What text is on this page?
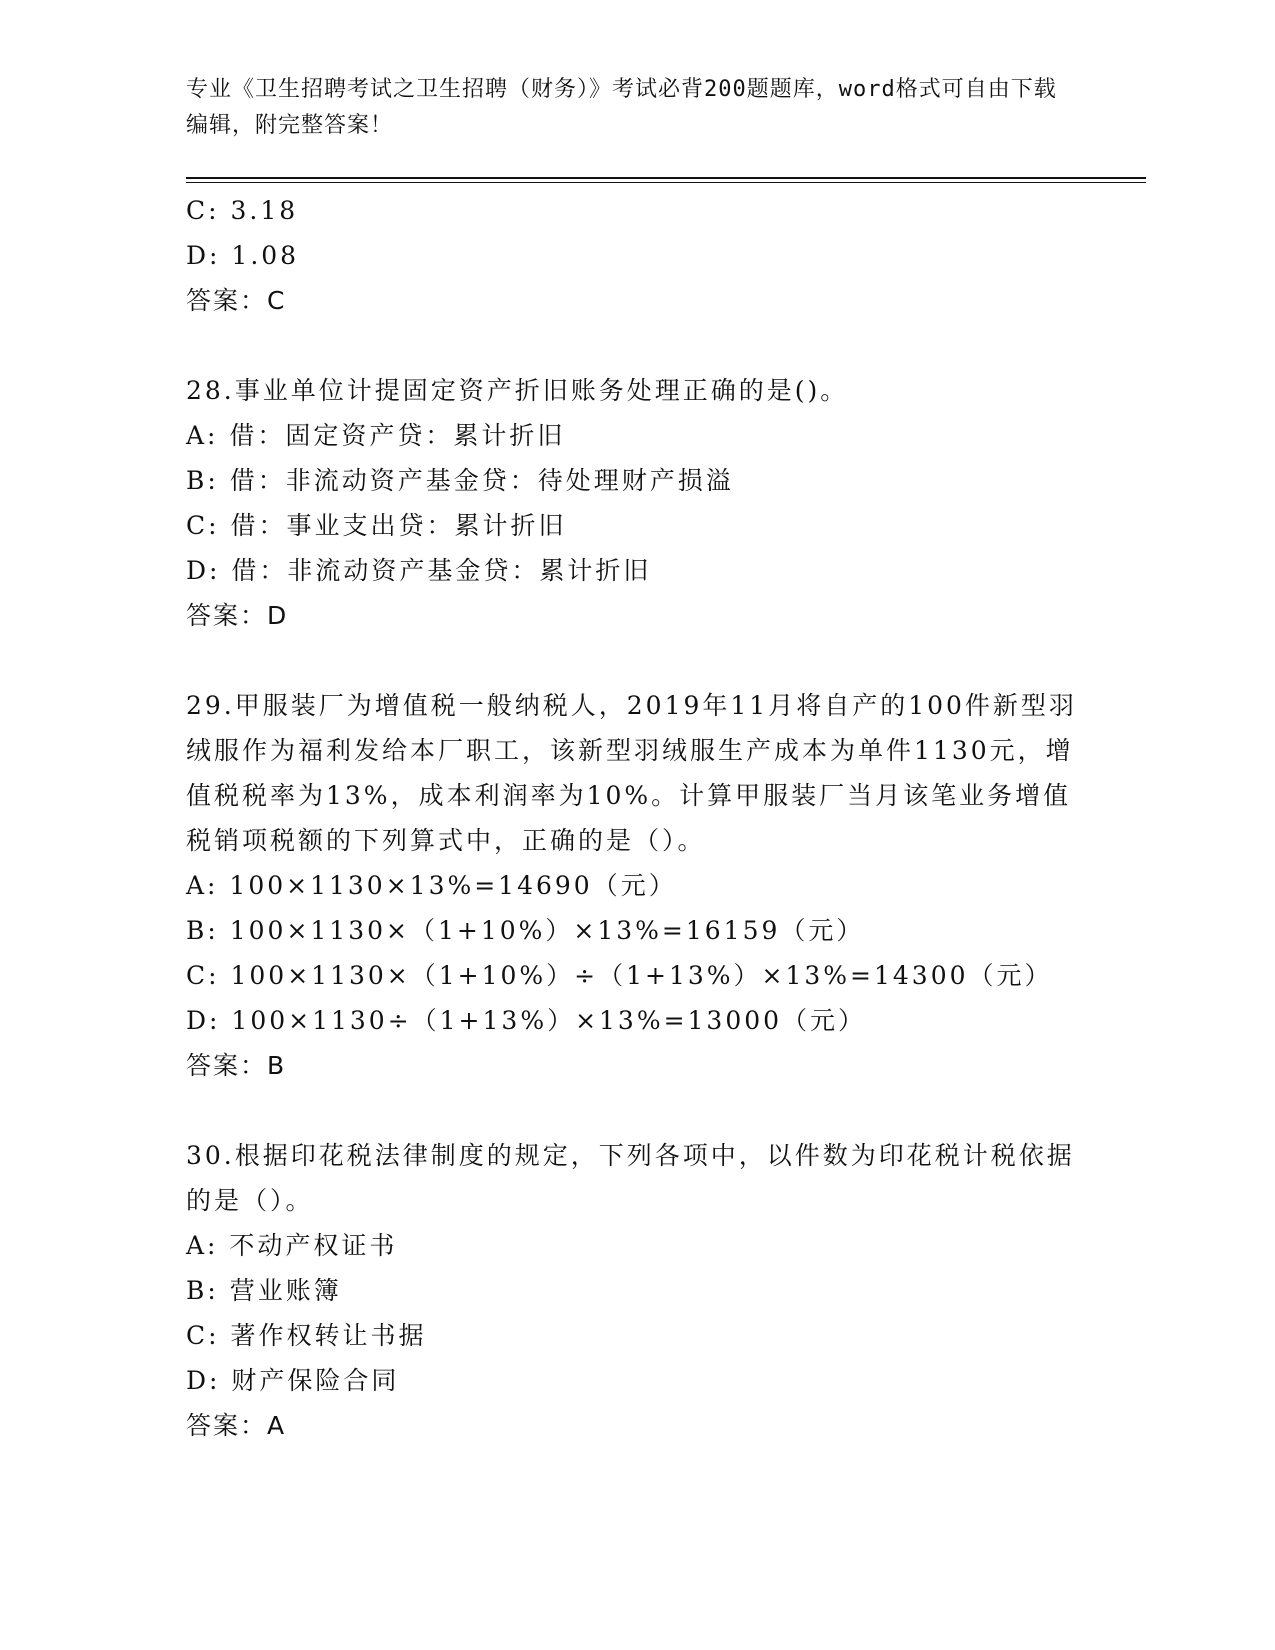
专业《卫生招聘考试之卫生招聘（财务）》考试必背200题题库，word格式可自由下载编辑，附完整答案！
C: 3.18
D: 1.08
答案：C
28.事业单位计提固定资产折旧账务处理正确的是()。
A: 借：固定资产贷：累计折旧
B: 借：非流动资产基金贷：待处理财产损溢
C: 借：事业支出贷：累计折旧
D: 借：非流动资产基金贷：累计折旧
答案：D
29.甲服装厂为增值税一般纳税人，2019年11月将自产的100件新型羽绒服作为福利发给本厂职工，该新型羽绒服生产成本为单件1130元，增值税税率为13%，成本利润率为10%。计算甲服装厂当月该笔业务增值税销项税额的下列算式中，正确的是（）。
A: 100×1130×13%=14690（元）
B: 100×1130×（1+10%）×13%=16159（元）
C: 100×1130×（1+10%）÷（1+13%）×13%=14300（元）
D: 100×1130÷（1+13%）×13%=13000（元）
答案：B
30.根据印花税法律制度的规定，下列各项中，以件数为印花税计税依据的是（）。
A: 不动产权证书
B: 营业账簿
C: 著作权转让书据
D: 财产保险合同
答案：A
